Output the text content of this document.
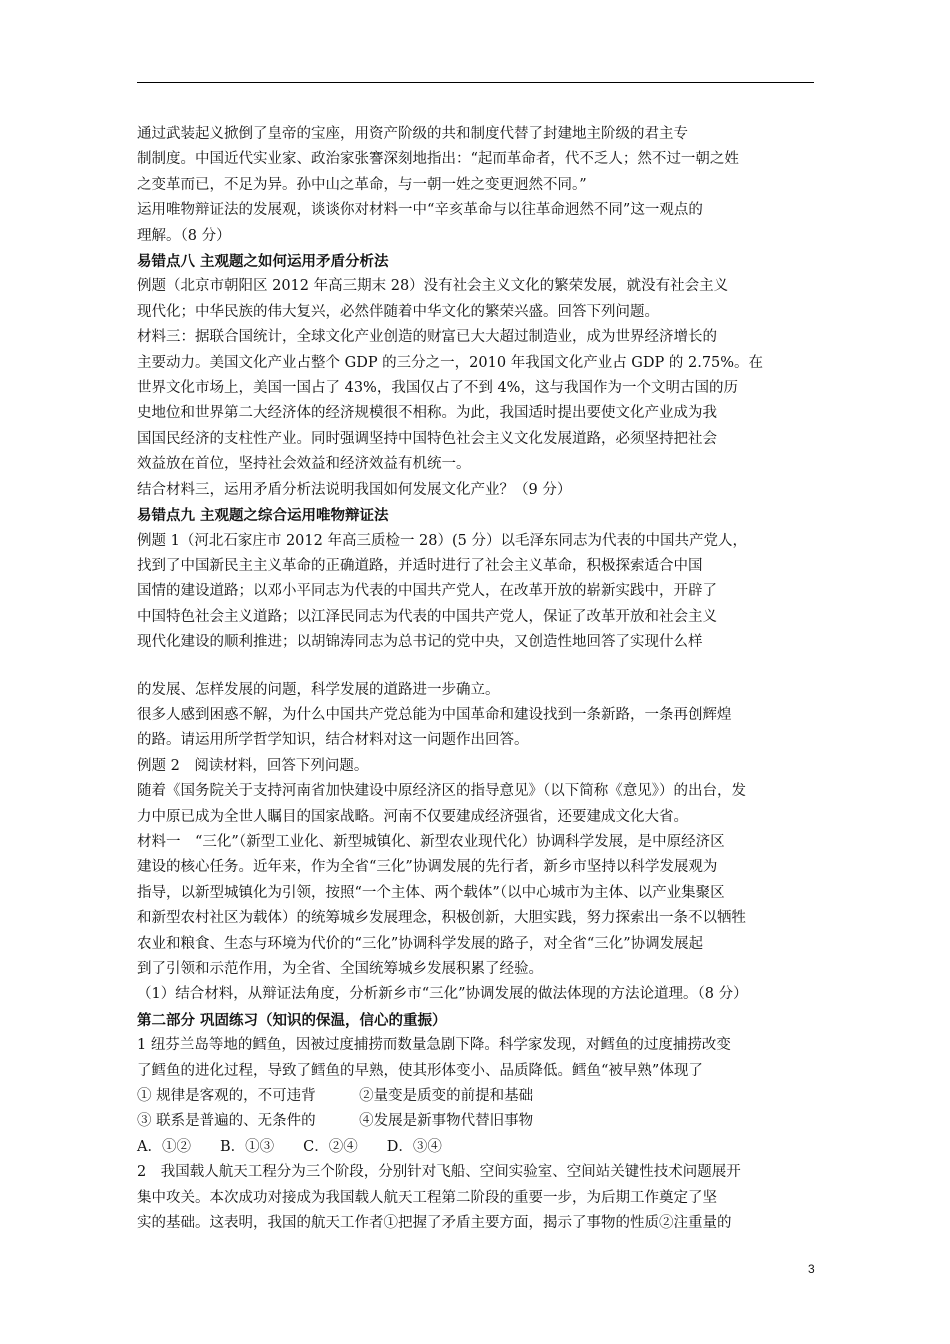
通过武装起义掀倒了皇帝的宝座，用资产阶级的共和制度代替了封建地主阶级的君主专

制制度。中国近代实业家、政治家张謇深刻地指出：“起而革命者，代不乏人；然不过一朝之姓

之变革而已，不足为异。孙中山之革命，与一朝一姓之变更迥然不同。”

运用唯物辩证法的发展观，谈谈你对材料一中“辛亥革命与以往革命迥然不同”这一观点的

理解。（8 分）

易错点八 主观题之如何运用矛盾分析法

例题（北京市朝阳区 2012 年高三期末 28）没有社会主义文化的繁荣发展，就没有社会主义

现代化；中华民族的伟大复兴，必然伴随着中华文化的繁荣兴盛。回答下列问题。

材料三：据联合国统计，全球文化产业创造的财富已大大超过制造业，成为世界经济增长的

主要动力。美国文化产业占整个 GDP 的三分之一，2010 年我国文化产业占 GDP 的 2.75%。在

世界文化市场上，美国一国占了 43%，我国仅占了不到 4%，这与我国作为一个文明古国的历

史地位和世界第二大经济体的经济规模很不相称。为此，我国适时提出要使文化产业成为我

国国民经济的支柱性产业。同时强调坚持中国特色社会主义文化发展道路，必须坚持把社会

效益放在首位，坚持社会效益和经济效益有机统一。

结合材料三，运用矛盾分析法说明我国如何发展文化产业？（9 分）

易错点九 主观题之综合运用唯物辩证法

例题 1（河北石家庄市 2012 年高三质检一 28）(5 分）以毛泽东同志为代表的中国共产党人，

找到了中国新民主主义革命的正确道路，并适时进行了社会主义革命，积极探索适合中国

国情的建设道路；以邓小平同志为代表的中国共产党人，在改革开放的崭新实践中，开辟了

中国特色社会主义道路；以江泽民同志为代表的中国共产党人，保证了改革开放和社会主义

现代化建设的顺利推进；以胡锦涛同志为总书记的党中央，又创造性地回答了实现什么样

的发展、怎样发展的问题，科学发展的道路进一步确立。

很多人感到困惑不解，为什么中国共产党总能为中国革命和建设找到一条新路，一条再创辉煌

的路。请运用所学哲学知识，结合材料对这一问题作出回答。

例题 2　阅读材料，回答下列问题。

随着《国务院关于支持河南省加快建设中原经济区的指导意见》（以下简称《意见》）的出台，发

力中原已成为全世人瞩目的国家战略。河南不仅要建成经济强省，还要建成文化大省。

材料一　“三化”（新型工业化、新型城镇化、新型农业现代化）协调科学发展，是中原经济区

建设的核心任务。近年来，作为全省“三化”协调发展的先行者，新乡市坚持以科学发展观为

指导，以新型城镇化为引领，按照“一个主体、两个载体”（以中心城市为主体、以产业集聚区

和新型农村社区为载体）的统筹城乡发展理念，积极创新，大胆实践，努力探索出一条不以牺牲

农业和粮食、生态与环境为代价的“三化”协调科学发展的路子，对全省“三化”协调发展起

到了引领和示范作用，为全省、全国统筹城乡发展积累了经验。

（1）结合材料，从辩证法角度，分析新乡市“三化”协调发展的做法体现的方法论道理。（8 分）

第二部分 巩固练习（知识的保温，信心的重振）

1 纽芬兰岛等地的鳕鱼，因被过度捕捞而数量急剧下降。科学家发现，对鳕鱼的过度捕捞改变

了鳕鱼的进化过程，导致了鳕鱼的早熟，使其形体变小、品质降低。鳕鱼“被早熟”体现了

① 规律是客观的，不可违背　　　②量变是质变的前提和基础

③ 联系是普遍的、无条件的　　　④发展是新事物代替旧事物

A．①②　　B．①③　　C．②④　　D．③④

2　我国载人航天工程分为三个阶段，分别针对飞船、空间实验室、空间站关键性技术问题展开

集中攻关。本次成功对接成为我国载人航天工程第二阶段的重要一步，为后期工作奠定了坚

实的基础。这表明，我国的航天工作者①把握了矛盾主要方面，揭示了事物的性质②注重量的

3
